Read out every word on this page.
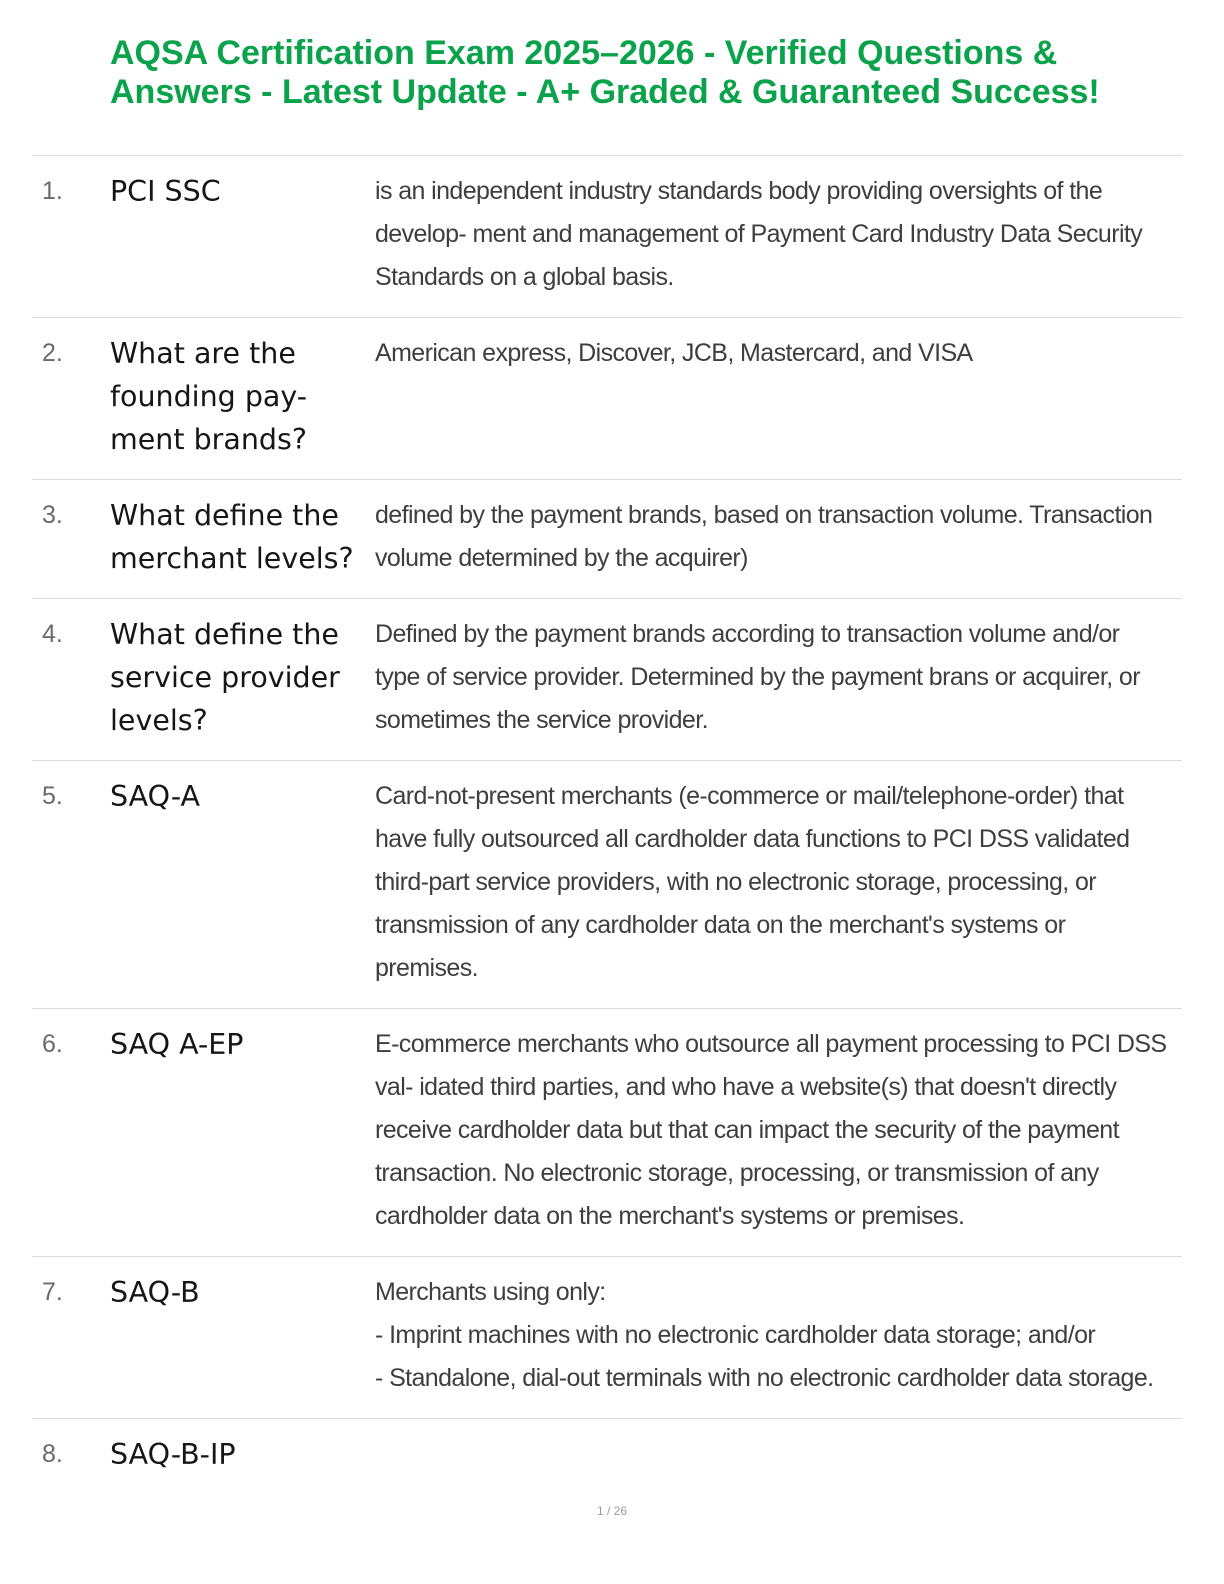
AQSA Certification Exam 2025–2026 - Verified Questions & Answers - Latest Update - A+ Graded & Guaranteed Success!
1.	PCI SSC	is an independent industry standards body providing oversights of the develop- ment and management of Payment Card Industry Data Security Standards on a global basis.
2.	What are the founding pay- ment brands?
American express, Discover, JCB, Mastercard, and VISA
3.	What define the merchant levels?
defined by the payment brands, based on transaction volume. Transaction volume determined by the acquirer)
4.	What define the service provider levels?
Defined by the payment brands according to transaction volume and/or type of service provider. Determined by the payment brans or acquirer, or sometimes the service provider.
5.	SAQ-A	Card-not-present merchants (e-commerce or mail/telephone-order) that have fully outsourced all cardholder data functions to PCI DSS validated third-part service providers, with no electronic storage, processing, or transmission of any cardholder data on the merchant's systems or premises.
6.	SAQ A-EP	E-commerce merchants who outsource all payment processing to PCI DSS val- idated third parties, and who have a website(s) that doesn't directly receive cardholder data but that can impact the security of the payment transaction. No electronic storage, processing, or transmission of any cardholder data on the merchant's systems or premises.
7.	SAQ-B	Merchants using only:
- Imprint machines with no electronic cardholder data storage; and/or
- Standalone, dial-out terminals with no electronic cardholder data storage.
8.	SAQ-B-IP
1 / 26
